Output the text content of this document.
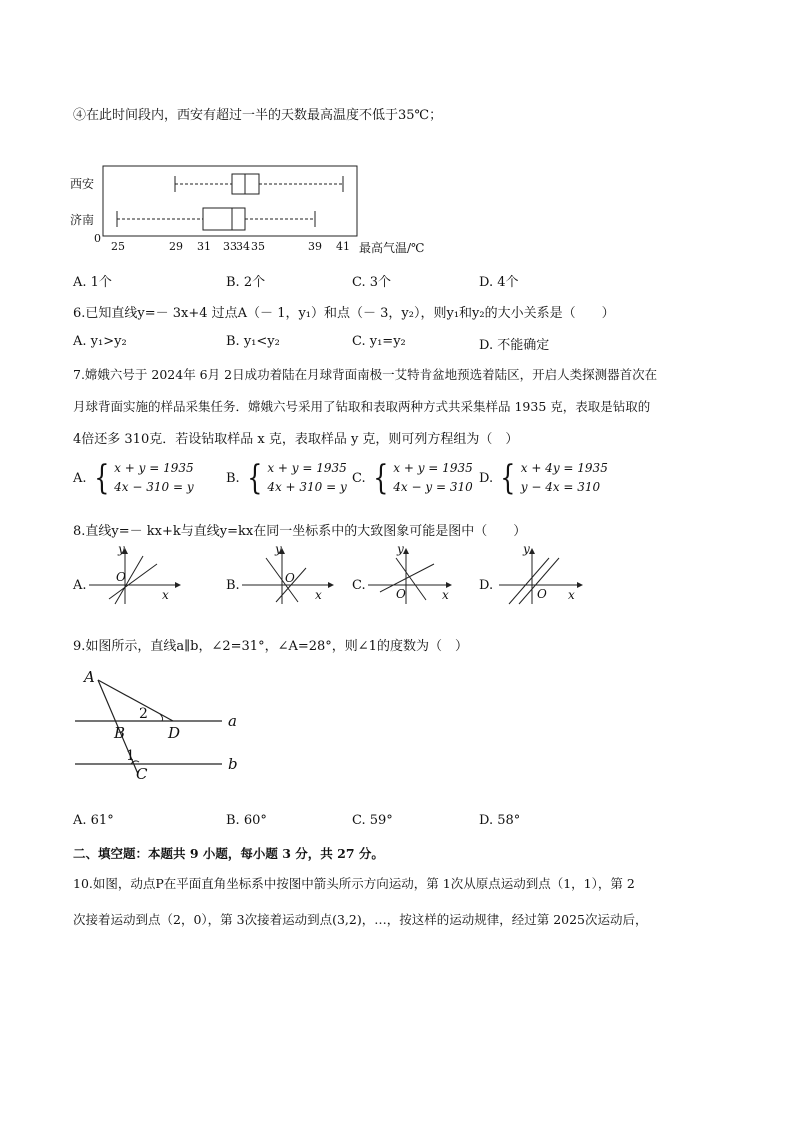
④在此时间段内，西安有超过一半的天数最高温度不低于35℃；
西安
济南
0
25	29 31 33 34 35	39 41 最高气温/℃
A. 1个	B. 2个	C. 3个	D. 4个
6.已知直线y=－ 3x+4 过点A（－ 1，y₁）和点（－ 3，y₂），则y₁和y₂的大小关系是（　　）
A. y₁>y₂	B. y₁<y₂	C. y₁=y₂	D. 不能确定
7.嫦娥六号于 2024年 6月 2日成功着陆在月球背面南极一艾特肯盆地预选着陆区，开启人类探测器首次在
月球背面实施的样品采集任务．嫦娥六号采用了钻取和表取两种方式共采集样品 1935 克，表取是钻取的
4倍还多 310克．若设钻取样品 x 克，表取样品 y 克，则可列方程组为（　）
A. { x + y = 1935
4x − 310 = y
B. { x + y = 1935
4x + 310 = y
C. { x + y = 1935
4x − y = 310
D. { x + 4y = 1935
y − 4x = 310
8.直线y=－ kx+k与直线y=kx在同一坐标系中的大致图象可能是图中（　　）
A.
y
x
O
B.
y
x
O	C.
y
x
O
D.
y
x
O
9.如图所示，直线a∥b，∠2=31°，∠A=28°，则∠1的度数为（　）
A
B	D
C
a
b
2
1
A. 61°	B. 60°	C. 59°	D. 58°
二、填空题：本题共 9 小题，每小题 3 分，共 27 分。
10.如图，动点P在平面直角坐标系中按图中箭头所示方向运动，第 1次从原点运动到点（1，1），第 2
次接着运动到点（2，0），第 3次接着运动到点(3,2)，…，按这样的运动规律，经过第 2025次运动后，
